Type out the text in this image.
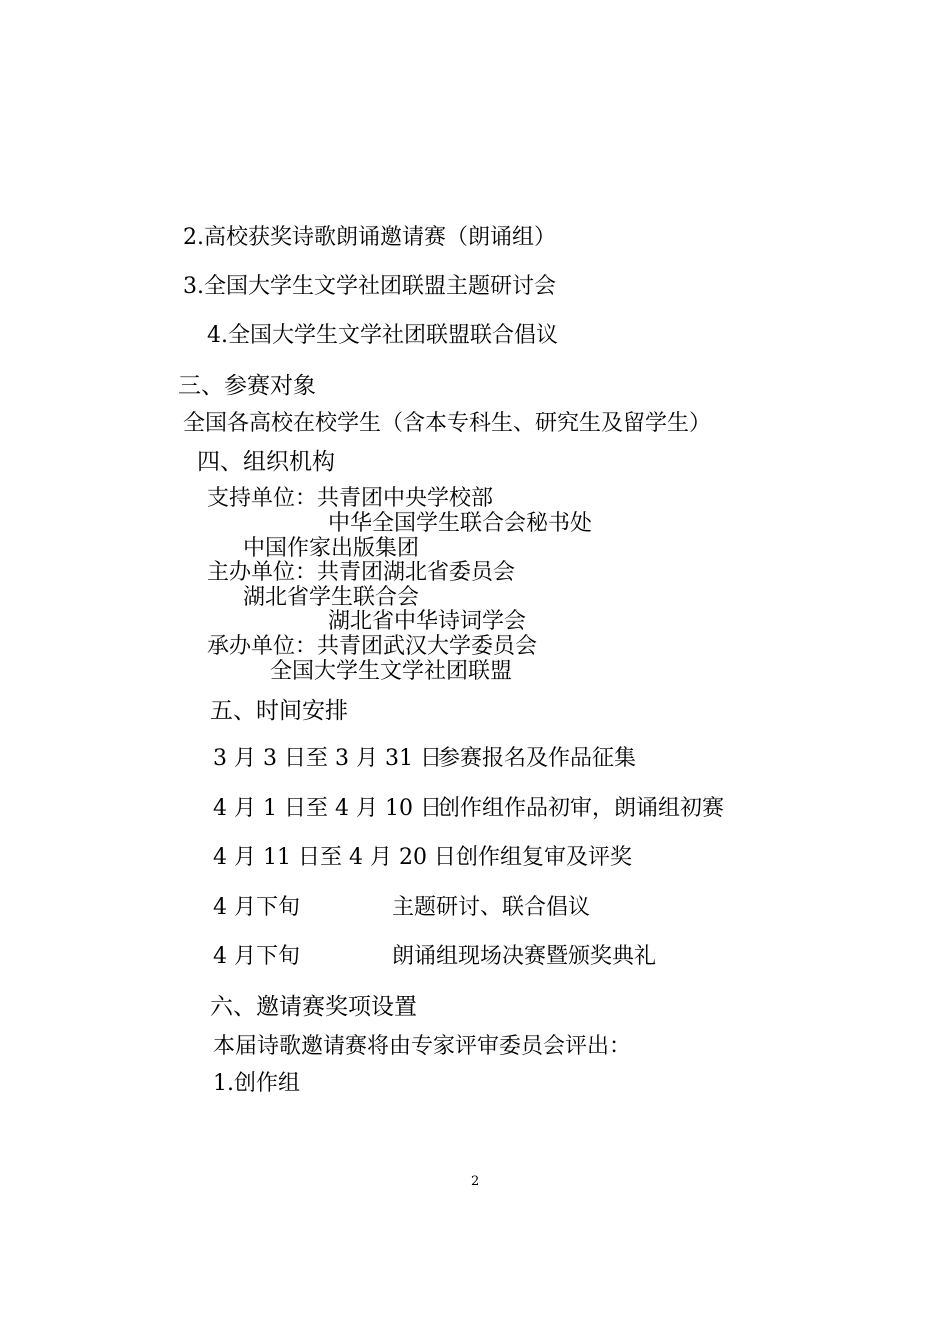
2.高校获奖诗歌朗诵邀请赛（朗诵组）
3.全国大学生文学社团联盟主题研讨会
4.全国大学生文学社团联盟联合倡议
三、参赛对象
全国各高校在校学生（含本专科生、研究生及留学生）
四、组织机构
支持单位：共青团中央学校部
中华全国学生联合会秘书处
中国作家出版集团
主办单位：共青团湖北省委员会
湖北省学生联合会
湖北省中华诗词学会
承办单位：共青团武汉大学委员会
全国大学生文学社团联盟
五、时间安排
3 月 3 日至 3 月 31 日
参赛报名及作品征集
4 月 1 日至 4 月 10 日
创作组作品初审，朗诵组初赛
4 月 11 日至 4 月 20 日 创作组复审及评奖
4 月下旬	主题研讨、联合倡议
4 月下旬	朗诵组现场决赛暨颁奖典礼
六、邀请赛奖项设置
本届诗歌邀请赛将由专家评审委员会评出：
1.创作组
2
